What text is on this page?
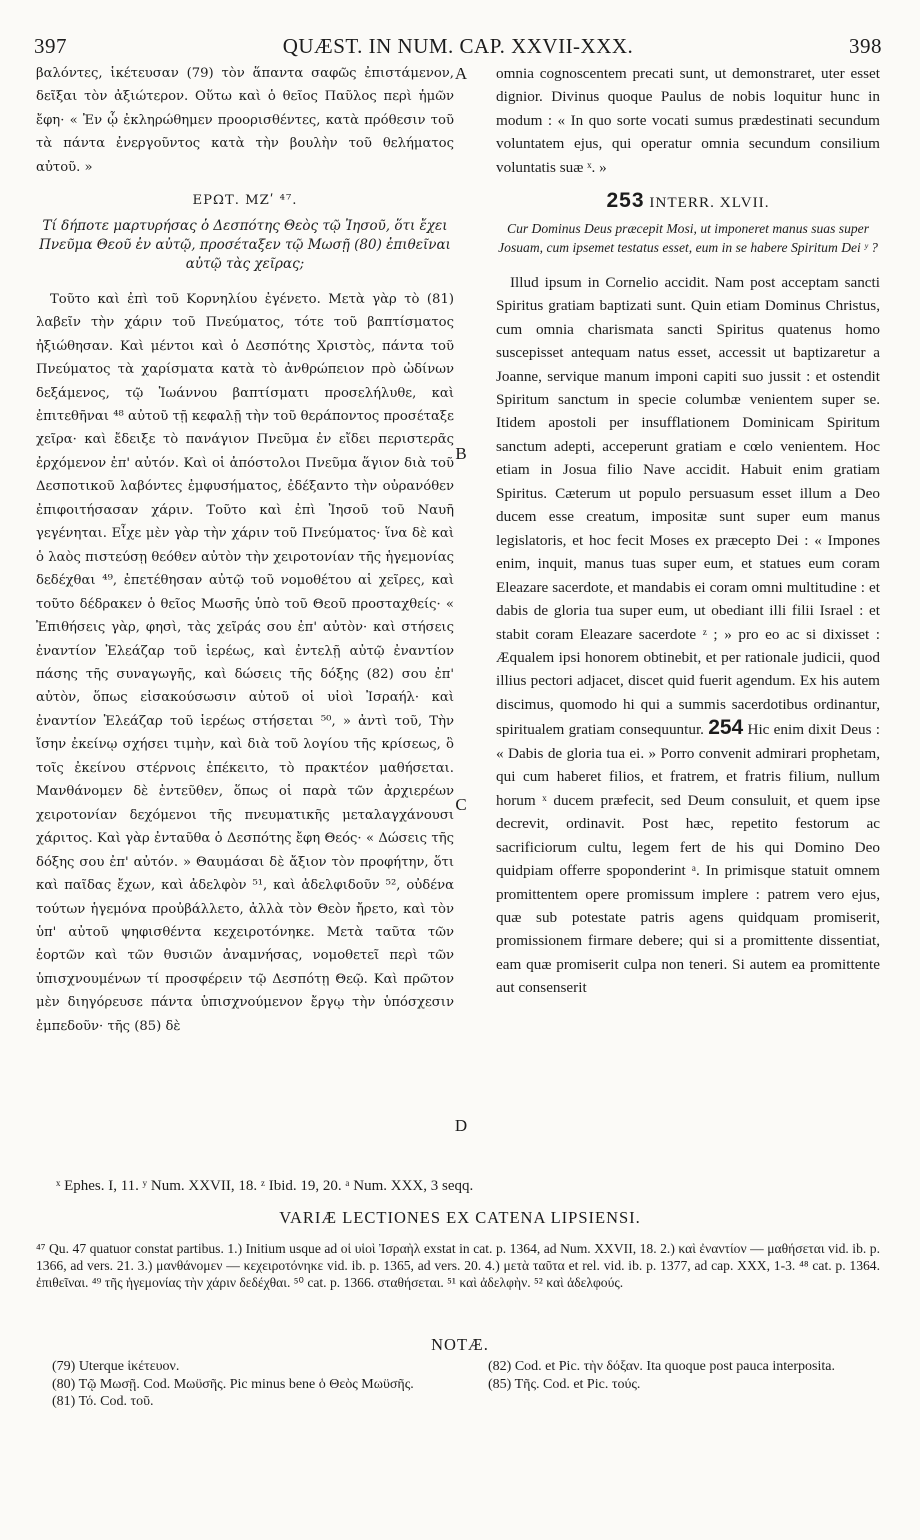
397	QUÆST. IN NUM. CAP. XXVII-XXX.	398

βαλόντες, ἱκέτευσαν (79) τὸν ἅπαντα σαφῶς ἐπιστάμενον, δεῖξαι τὸν ἀξιώτερον. Οὕτω καὶ ὁ θεῖος Παῦλος περὶ ἡμῶν ἔφη· « Ἐν ᾧ ἐκληρώθημεν προορισθέντες, κατὰ πρόθεσιν τοῦ τὰ πάντα ἐνεργοῦντος κατὰ τὴν βουλὴν τοῦ θελήματος αὐτοῦ. »

ΕΡΩΤ. ΜΖʹ ⁴⁷.
Τί δήποτε μαρτυρήσας ὁ Δεσπότης Θεὸς τῷ Ἰησοῦ, ὅτι ἔχει Πνεῦμα Θεοῦ ἐν αὐτῷ, προσέταξεν τῷ Μωσῇ (80) ἐπιθεῖναι αὐτῷ τὰς χεῖρας;

Τοῦτο καὶ ἐπὶ τοῦ Κορνηλίου ἐγένετο. Μετὰ γὰρ τὸ (81) λαβεῖν τὴν χάριν τοῦ Πνεύματος, τότε τοῦ βαπτίσματος ἠξιώθησαν. Καὶ μέντοι καὶ ὁ Δεσπότης Χριστὸς, πάντα τοῦ Πνεύματος τὰ χαρίσματα κατὰ τὸ ἀνθρώπειον πρὸ ὠδίνων δεξάμενος, τῷ Ἰωάννου βαπτίσματι προσελήλυθε, καὶ ἐπιτεθῆναι ⁴⁸ αὐτοῦ τῇ κεφαλῇ τὴν τοῦ θεράποντος προσέταξε χεῖρα· καὶ ἔδειξε τὸ πανάγιον Πνεῦμα ἐν εἴδει περιστερᾶς ἐρχόμενον ἐπ' αὐτόν. Καὶ οἱ ἀπόστολοι Πνεῦμα ἅγιον διὰ τοῦ Δεσποτικοῦ λαβόντες ἐμφυσήματος, ἐδέξαντο τὴν οὐρανόθεν ἐπιφοιτήσασαν χάριν. Τοῦτο καὶ ἐπὶ Ἰησοῦ τοῦ Ναυῆ γεγένηται. Εἶχε μὲν γὰρ τὴν χάριν τοῦ Πνεύματος· ἵνα δὲ καὶ ὁ λαὸς πιστεύσῃ θεόθεν αὐτὸν τὴν χειροτονίαν τῆς ἡγεμονίας δεδέχθαι ⁴⁹, ἐπετέθησαν αὐτῷ τοῦ νομοθέτου αἱ χεῖρες, καὶ τοῦτο δέδρακεν ὁ θεῖος Μωσῆς ὑπὸ τοῦ Θεοῦ προσταχθείς· « Ἐπιθήσεις γὰρ, φησὶ, τὰς χεῖράς σου ἐπ' αὐτὸν· καὶ στήσεις ἐναντίον Ἐλεάζαρ τοῦ ἱερέως, καὶ ἐντελῇ αὐτῷ ἐναντίον πάσης τῆς συναγωγῆς, καὶ δώσεις τῆς δόξης (82) σου ἐπ' αὐτὸν, ὅπως εἰσακούσωσιν αὐτοῦ οἱ υἱοὶ Ἰσραήλ· καὶ ἐναντίον Ἐλεάζαρ τοῦ ἱερέως στήσεται ⁵⁰, » ἀντὶ τοῦ, Τὴν ἴσην ἐκείνῳ σχήσει τιμὴν, καὶ διὰ τοῦ λογίου τῆς κρίσεως, ὃ τοῖς ἐκείνου στέρνοις ἐπέκειτο, τὸ πρακτέον μαθήσεται. Μανθάνομεν δὲ ἐντεῦθεν, ὅπως οἱ παρὰ τῶν ἀρχιερέων χειροτονίαν δεχόμενοι τῆς πνευματικῆς μεταλαγχάνουσι χάριτος. Καὶ γὰρ ἐνταῦθα ὁ Δεσπότης ἔφη Θεός· « Δώσεις τῆς δόξης σου ἐπ' αὐτόν. » Θαυμάσαι δὲ ἄξιον τὸν προφήτην, ὅτι καὶ παῖδας ἔχων, καὶ ἀδελφὸν ⁵¹, καὶ ἀδελφιδοῦν ⁵², οὐδένα τούτων ἡγεμόνα προὐβάλλετο, ἀλλὰ τὸν Θεὸν ἤρετο, καὶ τὸν ὑπ' αὐτοῦ ψηφισθέντα κεχειροτόνηκε. Μετὰ ταῦτα τῶν ἑορτῶν καὶ τῶν θυσιῶν ἀναμνήσας, νομοθετεῖ περὶ τῶν ὑπισχνουμένων τί προσφέρειν τῷ Δεσπότῃ Θεῷ. Καὶ πρῶτον μὲν διηγόρευσε πάντα ὑπισχνούμενον ἔργῳ τὴν ὑπόσχεσιν ἐμπεδοῦν· τῆς (85) δὲ

A
B
C
D

omnia cognoscentem precati sunt, ut demonstraret, uter esset dignior. Divinus quoque Paulus de nobis loquitur hunc in modum : « In quo sorte vocati sumus prædestinati secundum voluntatem ejus, qui operatur omnia secundum consilium voluntatis suæ ˣ. »

253 INTERR. XLVII.
Cur Dominus Deus præcepit Mosi, ut imponeret manus suas super Josuam, cum ipsemet testatus esset, eum in se habere Spiritum Dei ʸ ?

Illud ipsum in Cornelio accidit. Nam post acceptam sancti Spiritus gratiam baptizati sunt. Quin etiam Dominus Christus, cum omnia charismata sancti Spiritus quatenus homo suscepisset antequam natus esset, accessit ut baptizaretur a Joanne, servique manum imponi capiti suo jussit : et ostendit Spiritum sanctum in specie columbæ venientem super se. Itidem apostoli per insufflationem Dominicam Spiritum sanctum adepti, acceperunt gratiam e cœlo venientem. Hoc etiam in Josua filio Nave accidit. Habuit enim gratiam Spiritus. Cæterum ut populo persuasum esset illum a Deo ducem esse creatum, impositæ sunt super eum manus legislatoris, et hoc fecit Moses ex præcepto Dei : « Impones enim, inquit, manus tuas super eum, et statues eum coram Eleazare sacerdote, et mandabis ei coram omni multitudine : et dabis de gloria tua super eum, ut obediant illi filii Israel : et stabit coram Eleazare sacerdote ᶻ ; » pro eo ac si dixisset : Æqualem ipsi honorem obtinebit, et per rationale judicii, quod illius pectori adjacet, discet quid fuerit agendum. Ex his autem discimus, quomodo hi qui a summis sacerdotibus ordinantur, spiritualem gratiam consequuntur. 254 Hic enim dixit Deus : « Dabis de gloria tua ei. » Porro convenit admirari prophetam, qui cum haberet filios, et fratrem, et fratris filium, nullum horum ˣ ducem præfecit, sed Deum consuluit, et quem ipse decrevit, ordinavit. Post hæc, repetito festorum ac sacrificiorum cultu, legem fert de his qui Domino Deo quidpiam offerre spoponderint ᵃ. In primisque statuit omnem promittentem opere promissum implere : patrem vero ejus, quæ sub potestate patris agens quidquam promiserit, promissionem firmare debere; qui si a promittente dissentiat, eam quæ promiserit culpa non teneri. Si autem ea promittente aut consenserit

ˣ Ephes. I, 11. ʸ Num. XXVII, 18. ᶻ Ibid. 19, 20. ᵃ Num. XXX, 3 seqq.
VARIÆ LECTIONES EX CATENA LIPSIENSI.
⁴⁷ Qu. 47 quatuor constat partibus. 1.) Initium usque ad οἱ υἱοὶ Ἰσραὴλ exstat in cat. p. 1364, ad Num. XXVII, 18. 2.) καὶ ἐναντίον — μαθήσεται vid. ib. p. 1366, ad vers. 21. 3.) μανθάνομεν — κεχειροτόνηκε vid. ib. p. 1365, ad vers. 20. 4.) μετὰ ταῦτα et rel. vid. ib. p. 1377, ad cap. XXX, 1-3. ⁴⁸ cat. p. 1364. ἐπιθεῖναι. ⁴⁹ τῆς ἡγεμονίας τὴν χάριν δεδέχθαι. ⁵⁰ cat. p. 1366. σταθήσεται. ⁵¹ καὶ ἀδελφὴν. ⁵² καὶ ἀδελφούς.
NOTÆ.
(79) Uterque ἱκέτευον.
(80) Τῷ Μωσῇ. Cod. Μωϋσῆς. Pic minus bene ὁ Θεὸς Μωϋσῆς.
(81) Τό. Cod. τοῦ.
(82) Cod. et Pic. τὴν δόξαν. Ita quoque post pauca interposita.
(85) Τῆς. Cod. et Pic. τούς.
